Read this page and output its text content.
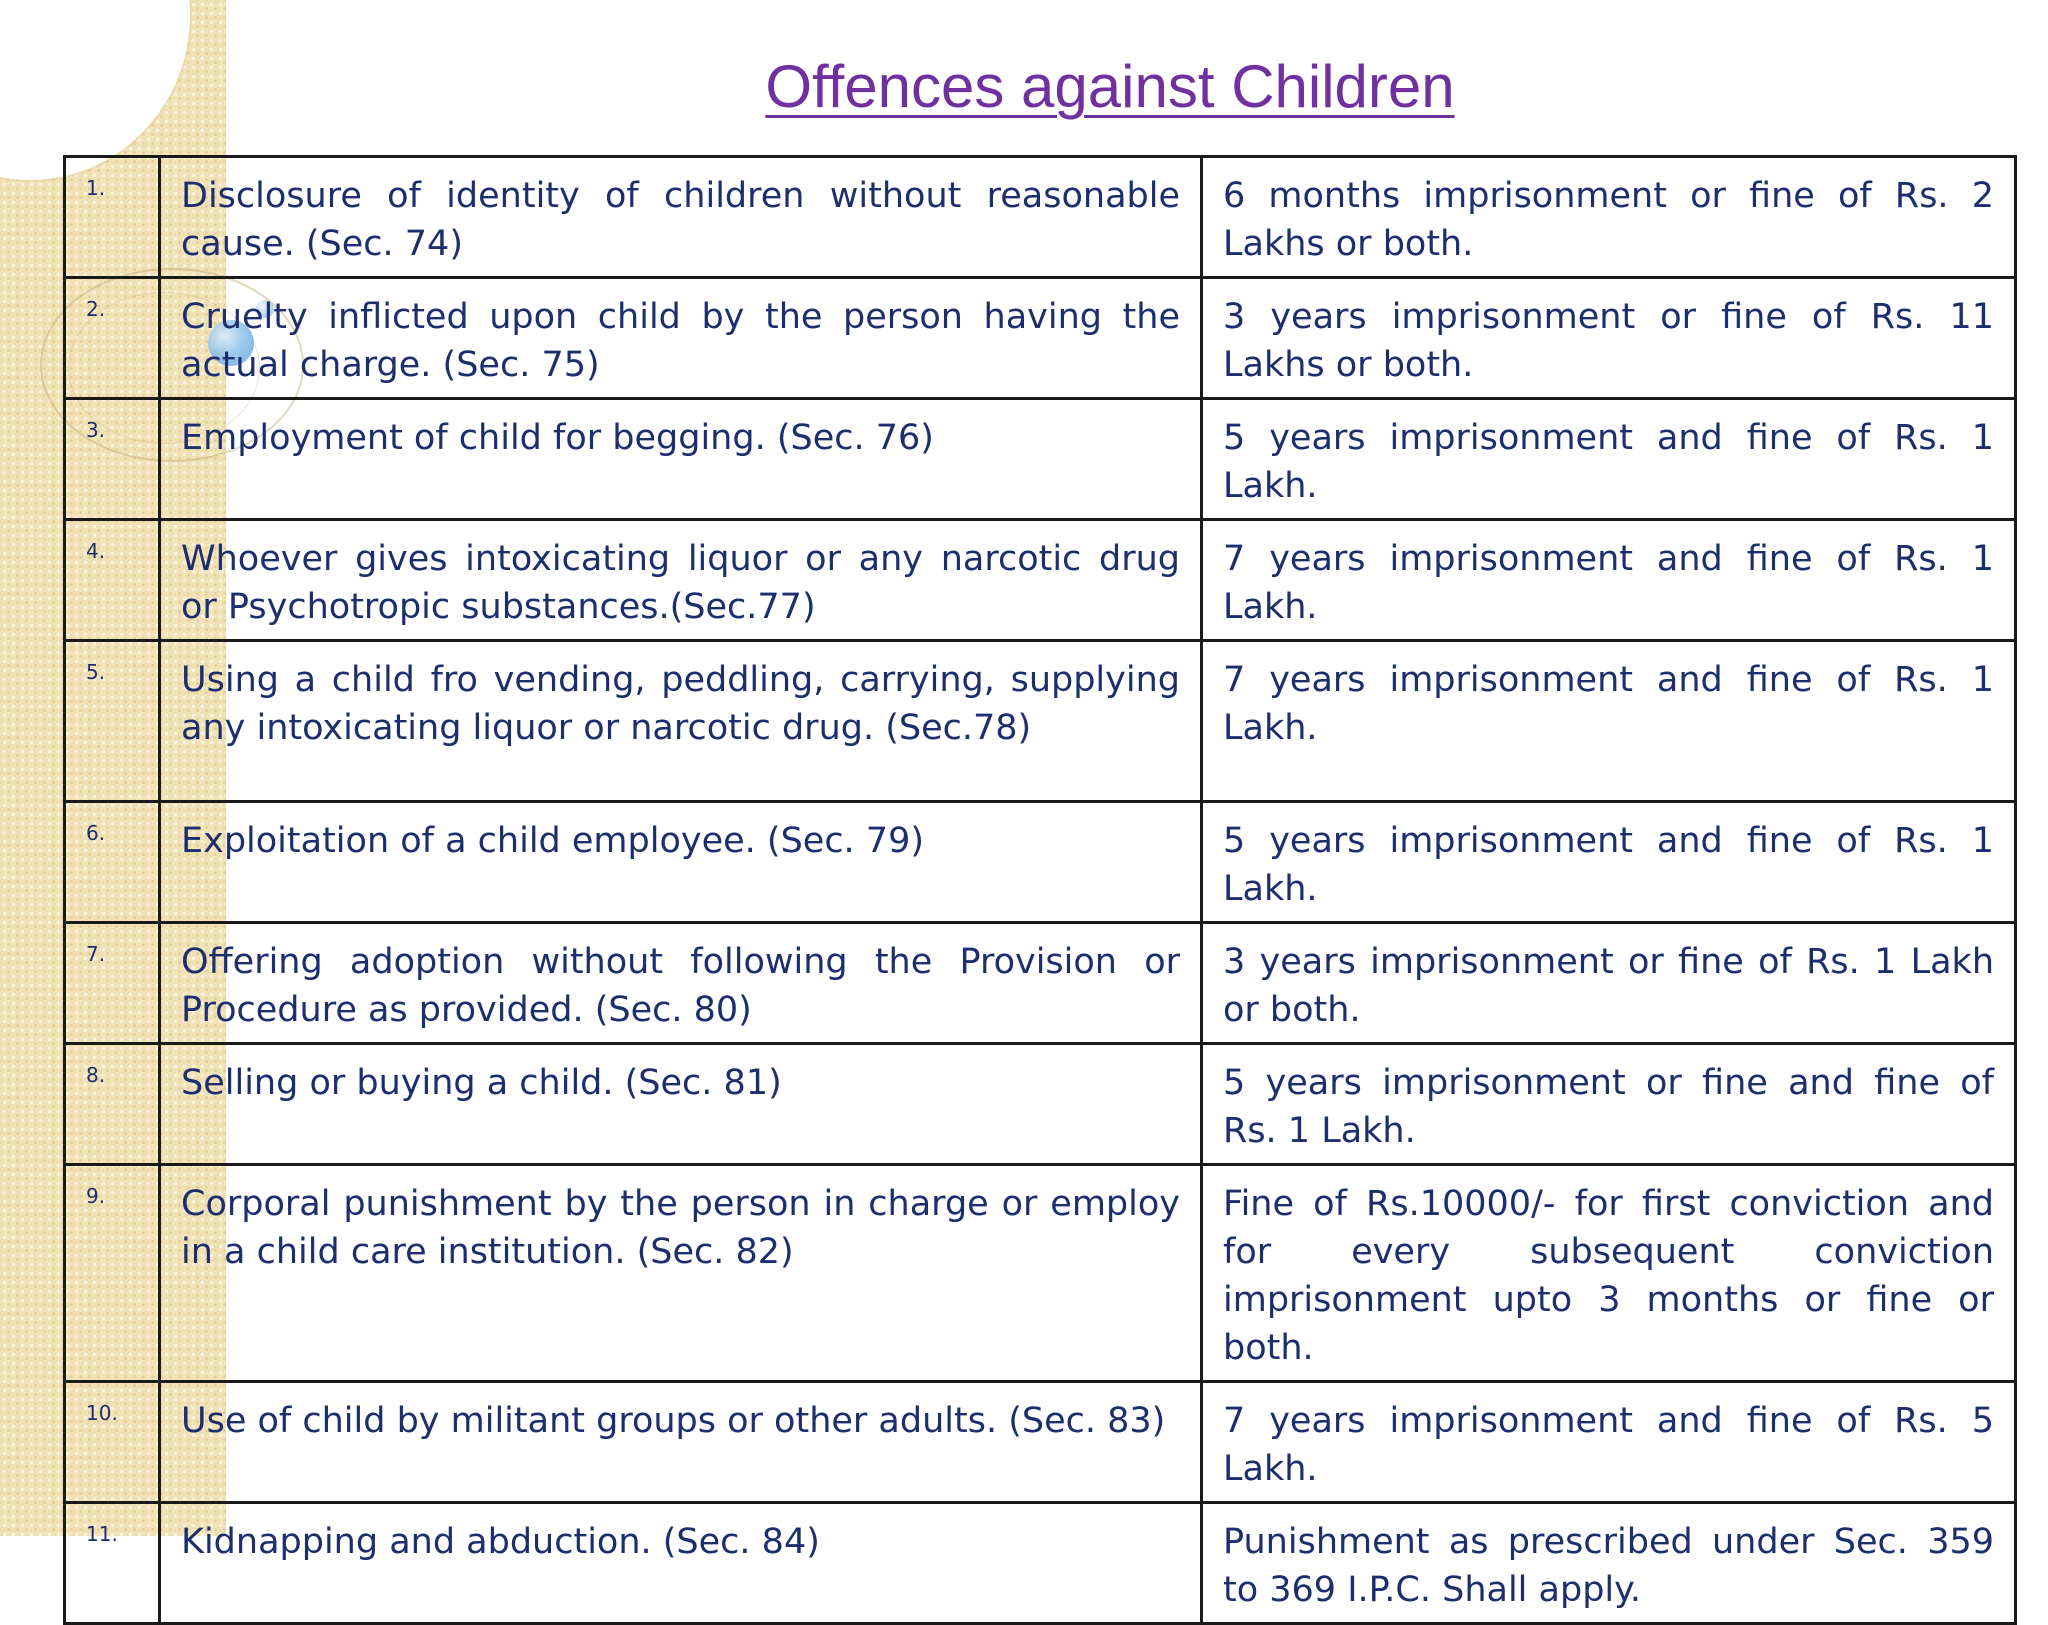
Offences against Children
1.	Disclosure of identity of children without reasonable cause. (Sec. 74)	6 months imprisonment or fine of Rs. 2 Lakhs or both.
2.	Cruelty inflicted upon child by the person having the actual charge. (Sec. 75)	3 years imprisonment or fine of Rs. 11 Lakhs or both.
3.	Employment of child for begging. (Sec. 76)	5 years imprisonment and fine of Rs. 1 Lakh.
4.	Whoever gives intoxicating liquor or any narcotic drug or Psychotropic substances.(Sec.77)	7 years imprisonment and fine of Rs. 1 Lakh.
5.	Using a child fro vending, peddling, carrying, supplying any intoxicating liquor or narcotic drug. (Sec.78)	7 years imprisonment and fine of Rs. 1 Lakh.
6.	Exploitation of a child employee. (Sec. 79)	5 years imprisonment and fine of Rs. 1 Lakh.
7.	Offering adoption without following the Provision or Procedure as provided. (Sec. 80)	3 years imprisonment or fine of Rs. 1 Lakh or both.
8.	Selling or buying a child. (Sec. 81)	5 years imprisonment or fine and fine of Rs. 1 Lakh.
9.	Corporal punishment by the person in charge or employ in a child care institution. (Sec. 82)	Fine of Rs.10000/- for first conviction and for every subsequent conviction imprisonment upto 3 months or fine or both.
10.	Use of child by militant groups or other adults. (Sec. 83)	7 years imprisonment and fine of Rs. 5 Lakh.
11.	Kidnapping and abduction. (Sec. 84)	Punishment as prescribed under Sec. 359 to 369 I.P.C. Shall apply.
